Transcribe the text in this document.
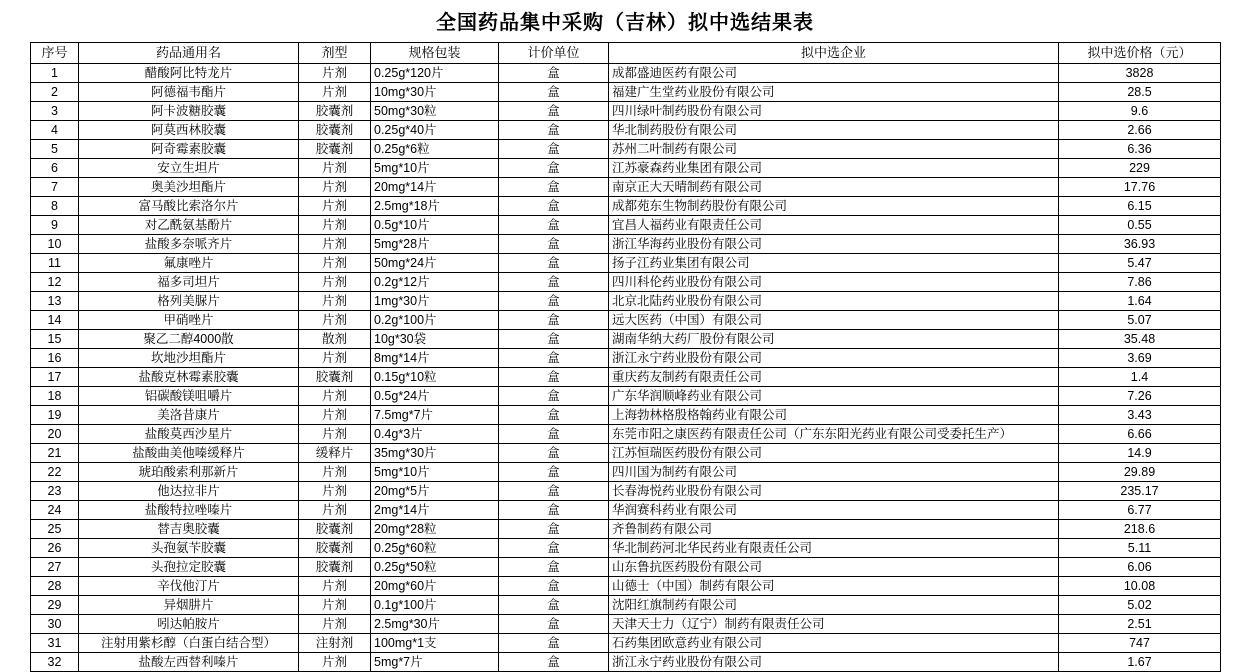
全国药品集中采购（吉林）拟中选结果表
序号	药品通用名	剂型	规格包装	计价单位	拟中选企业	拟中选价格（元）
1	醋酸阿比特龙片	片剂	0.25g*120片	盒	成都盛迪医药有限公司	3828
2	阿德福韦酯片	片剂	10mg*30片	盒	福建广生堂药业股份有限公司	28.5
3	阿卡波糖胶囊	胶囊剂	50mg*30粒	盒	四川绿叶制药股份有限公司	9.6
4	阿莫西林胶囊	胶囊剂	0.25g*40片	盒	华北制药股份有限公司	2.66
5	阿奇霉素胶囊	胶囊剂	0.25g*6粒	盒	苏州二叶制药有限公司	6.36
6	安立生坦片	片剂	5mg*10片	盒	江苏豪森药业集团有限公司	229
7	奥美沙坦酯片	片剂	20mg*14片	盒	南京正大天晴制药有限公司	17.76
8	富马酸比索洛尔片	片剂	2.5mg*18片	盒	成都苑东生物制药股份有限公司	6.15
9	对乙酰氨基酚片	片剂	0.5g*10片	盒	宜昌人福药业有限责任公司	0.55
10	盐酸多奈哌齐片	片剂	5mg*28片	盒	浙江华海药业股份有限公司	36.93
11	氟康唑片	片剂	50mg*24片	盒	扬子江药业集团有限公司	5.47
12	福多司坦片	片剂	0.2g*12片	盒	四川科伦药业股份有限公司	7.86
13	格列美脲片	片剂	1mg*30片	盒	北京北陆药业股份有限公司	1.64
14	甲硝唑片	片剂	0.2g*100片	盒	远大医药（中国）有限公司	5.07
15	聚乙二醇4000散	散剂	10g*30袋	盒	湖南华纳大药厂股份有限公司	35.48
16	坎地沙坦酯片	片剂	8mg*14片	盒	浙江永宁药业股份有限公司	3.69
17	盐酸克林霉素胶囊	胶囊剂	0.15g*10粒	盒	重庆药友制药有限责任公司	1.4
18	铝碳酸镁咀嚼片	片剂	0.5g*24片	盒	广东华润顺峰药业有限公司	7.26
19	美洛昔康片	片剂	7.5mg*7片	盒	上海勃林格殷格翰药业有限公司	3.43
20	盐酸莫西沙星片	片剂	0.4g*3片	盒	东莞市阳之康医药有限责任公司（广东东阳光药业有限公司受委托生产）	6.66
21	盐酸曲美他嗪缓释片	缓释片	35mg*30片	盒	江苏恒瑞医药股份有限公司	14.9
22	琥珀酸索利那新片	片剂	5mg*10片	盒	四川国为制药有限公司	29.89
23	他达拉非片	片剂	20mg*5片	盒	长春海悦药业股份有限公司	235.17
24	盐酸特拉唑嗪片	片剂	2mg*14片	盒	华润赛科药业有限公司	6.77
25	替吉奥胶囊	胶囊剂	20mg*28粒	盒	齐鲁制药有限公司	218.6
26	头孢氨苄胶囊	胶囊剂	0.25g*60粒	盒	华北制药河北华民药业有限责任公司	5.11
27	头孢拉定胶囊	胶囊剂	0.25g*50粒	盒	山东鲁抗医药股份有限公司	6.06
28	辛伐他汀片	片剂	20mg*60片	盒	山德士（中国）制药有限公司	10.08
29	异烟肼片	片剂	0.1g*100片	盒	沈阳红旗制药有限公司	5.02
30	吲达帕胺片	片剂	2.5mg*30片	盒	天津天士力（辽宁）制药有限责任公司	2.51
31	注射用紫杉醇（白蛋白结合型）	注射剂	100mg*1支	盒	石药集团欧意药业有限公司	747
32	盐酸左西替利嗪片	片剂	5mg*7片	盒	浙江永宁药业股份有限公司	1.67
